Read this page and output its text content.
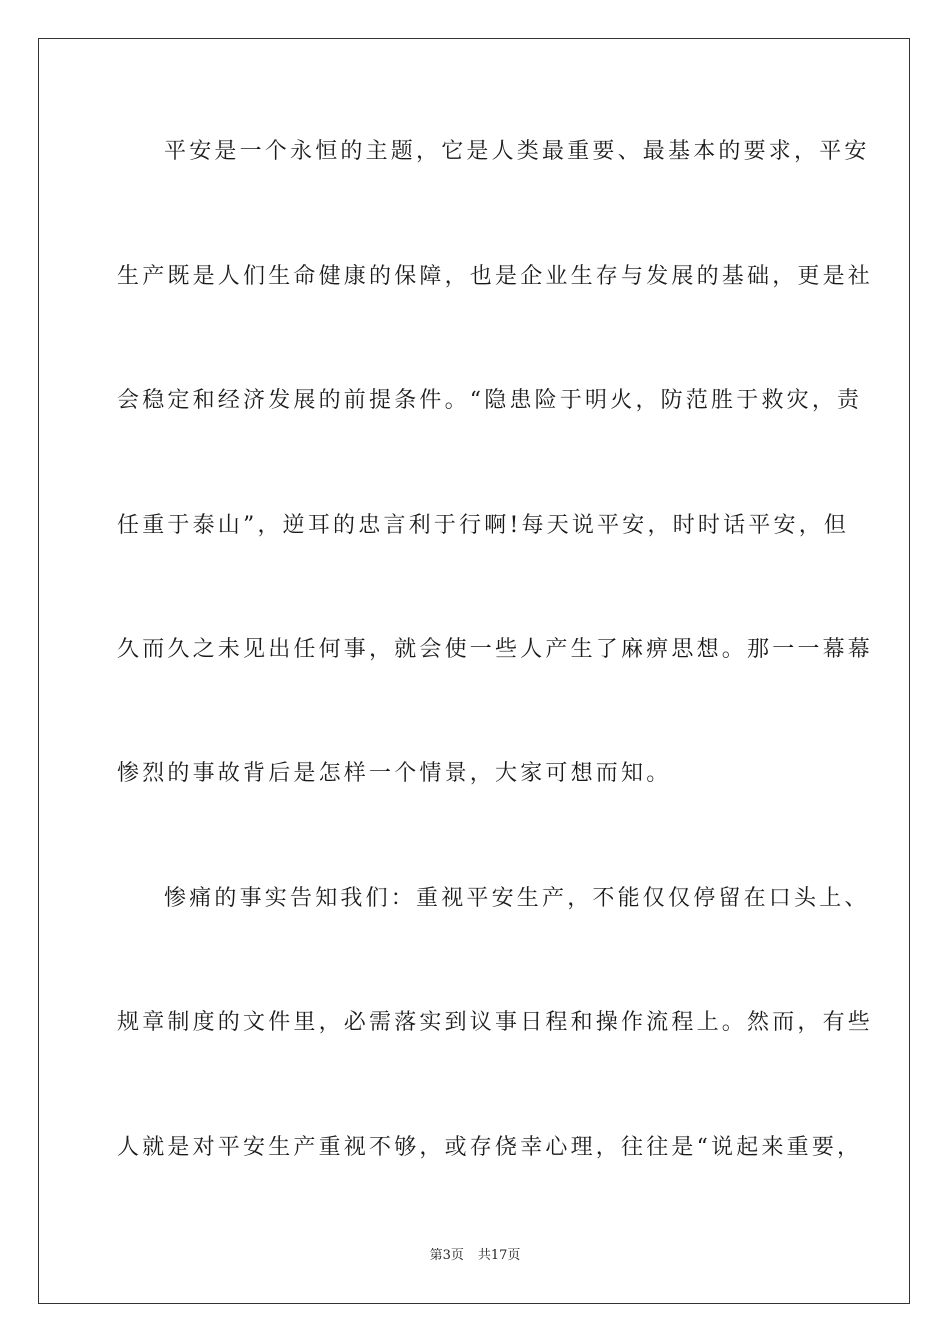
平安是一个永恒的主题，它是人类最重要、最基本的要求，平安
生产既是人们生命健康的保障，也是企业生存与发展的基础，更是社
会稳定和经济发展的前提条件。“隐患险于明火，防范胜于救灾，责
任重于泰山”，逆耳的忠言利于行啊!每天说平安，时时话平安，但
久而久之未见出任何事，就会使一些人产生了麻痹思想。那一一幕幕
惨烈的事故背后是怎样一个情景，大家可想而知。
惨痛的事实告知我们：重视平安生产，不能仅仅停留在口头上、
规章制度的文件里，必需落实到议事日程和操作流程上。然而，有些
人就是对平安生产重视不够，或存侥幸心理，往往是“说起来重要，
第3页 共17页
